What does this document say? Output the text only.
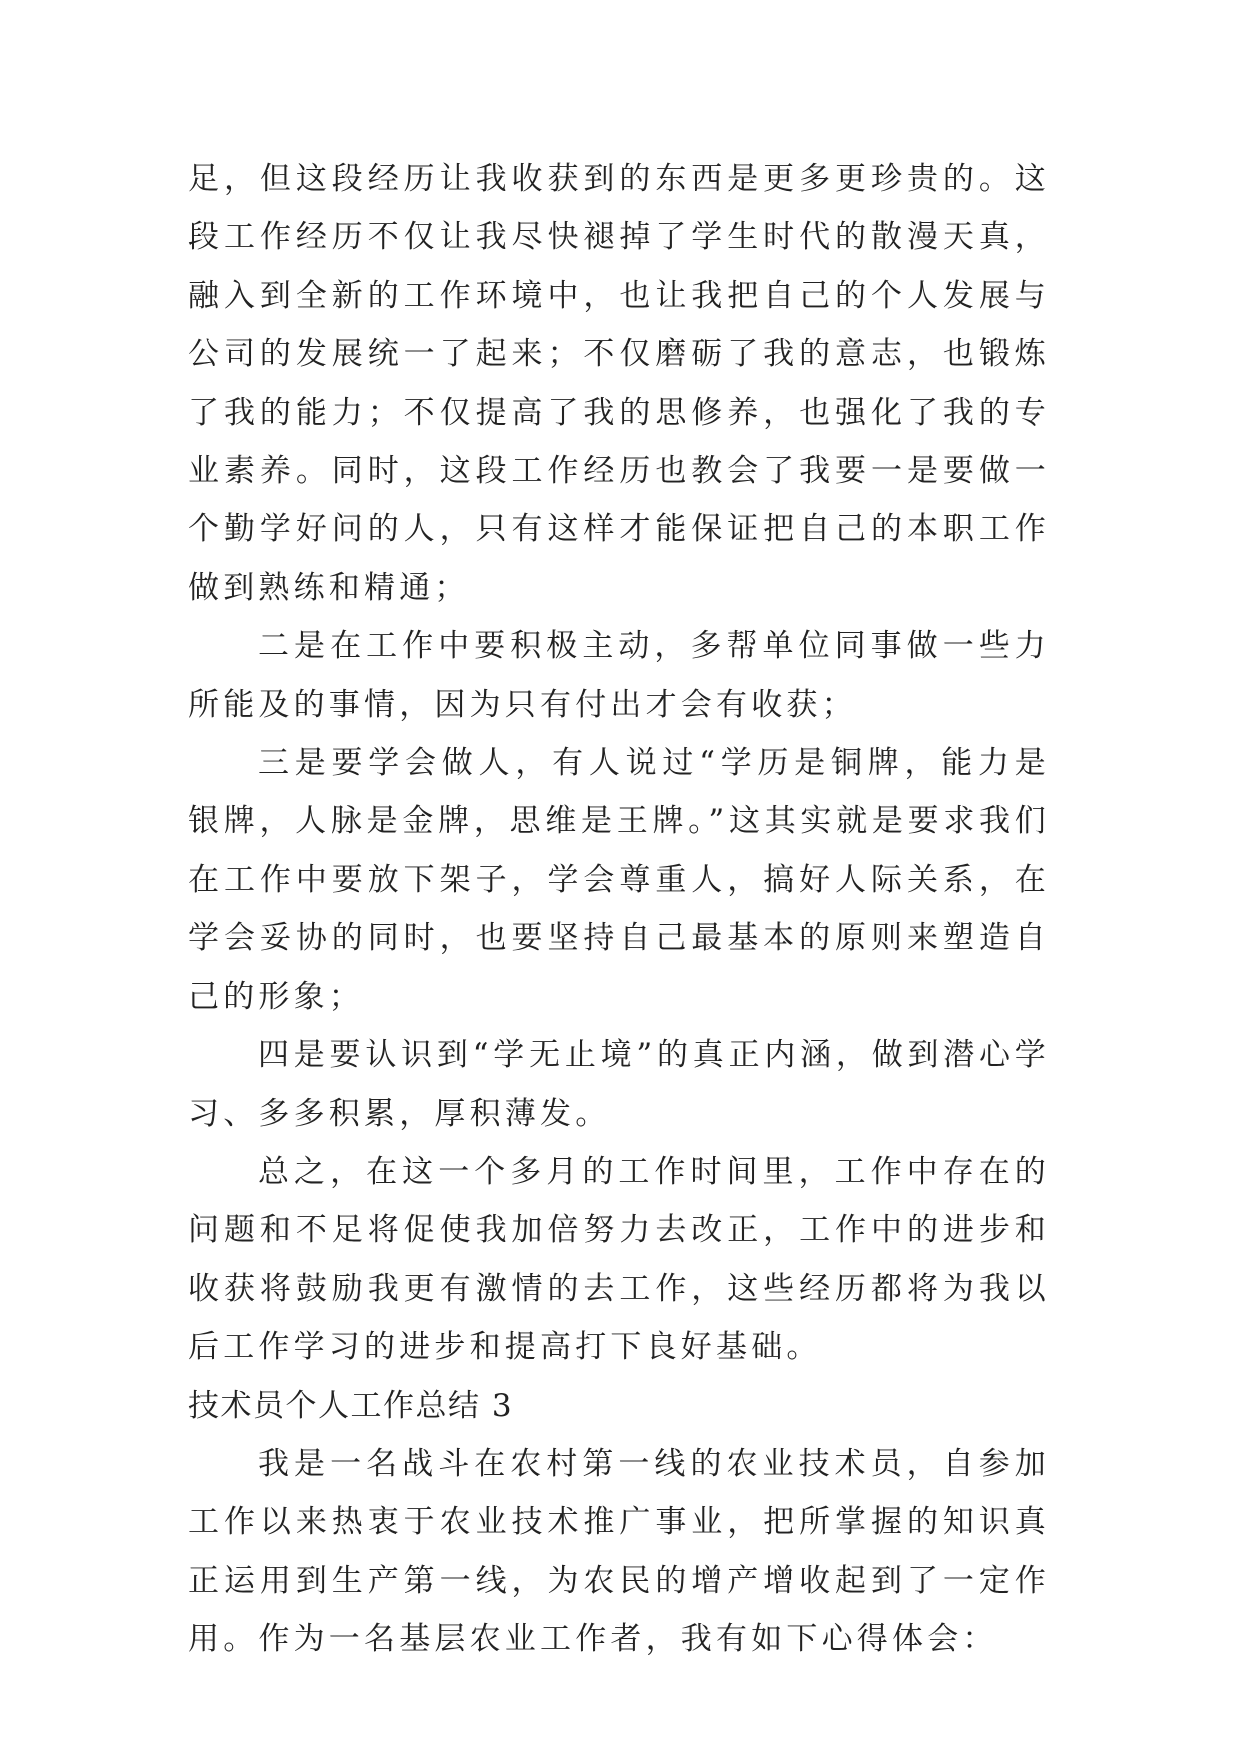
足，但这段经历让我收获到的东西是更多更珍贵的。这段工作经历不仅让我尽快褪掉了学生时代的散漫天真，融入到全新的工作环境中，也让我把自己的个人发展与公司的发展统一了起来；不仅磨砺了我的意志，也锻炼了我的能力；不仅提高了我的思修养，也强化了我的专业素养。同时，这段工作经历也教会了我要一是要做一个勤学好问的人，只有这样才能保证把自己的本职工作做到熟练和精通；

二是在工作中要积极主动，多帮单位同事做一些力所能及的事情，因为只有付出才会有收获；

三是要学会做人，有人说过“学历是铜牌，能力是银牌，人脉是金牌，思维是王牌。”这其实就是要求我们在工作中要放下架子，学会尊重人，搞好人际关系，在学会妥协的同时，也要坚持自己最基本的原则来塑造自己的形象；

四是要认识到“学无止境”的真正内涵，做到潜心学习、多多积累，厚积薄发。

总之，在这一个多月的工作时间里，工作中存在的问题和不足将促使我加倍努力去改正，工作中的进步和收获将鼓励我更有激情的去工作，这些经历都将为我以后工作学习的进步和提高打下良好基础。

技术员个人工作总结 3

我是一名战斗在农村第一线的农业技术员，自参加工作以来热衷于农业技术推广事业，把所掌握的知识真正运用到生产第一线，为农民的增产增收起到了一定作用。作为一名基层农业工作者，我有如下心得体会：
